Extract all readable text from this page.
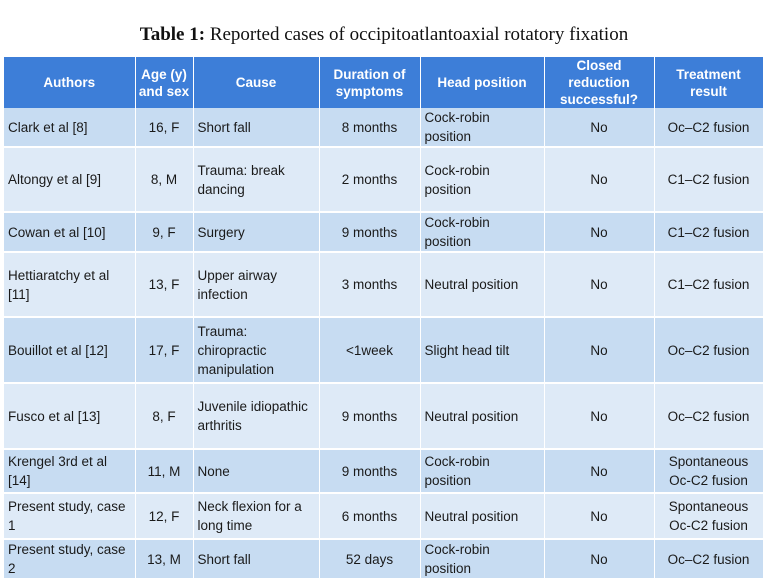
Table 1: Reported cases of occipitoatlantoaxial rotatory fixation
Authors	Age (y) and sex	Cause	Duration of symptoms	Head position	Closed reduction successful?	Treatment result
Clark et al [8]	16, F	Short fall	8 months	Cock-robin position	No	Oc–C2 fusion
Altongy et al [9]	8, M	Trauma: break dancing	2 months	Cock-robin position	No	C1–C2 fusion
Cowan et al [10]	9, F	Surgery	9 months	Cock-robin position	No	C1–C2 fusion
Hettiaratchy et al [11]	13, F	Upper airway infection	3 months	Neutral position	No	C1–C2 fusion
Bouillot et al [12]	17, F	Trauma: chiropractic manipulation	<1week	Slight head tilt	No	Oc–C2 fusion
Fusco et al [13]	8, F	Juvenile idiopathic arthritis	9 months	Neutral position	No	Oc–C2 fusion
Krengel 3rd et al [14]	11, M	None	9 months	Cock-robin position	No	Spontaneous Oc-C2 fusion
Present study, case 1	12, F	Neck flexion for a long time	6 months	Neutral position	No	Spontaneous Oc-C2 fusion
Present study, case 2	13, M	Short fall	52 days	Cock-robin position	No	Oc–C2 fusion
